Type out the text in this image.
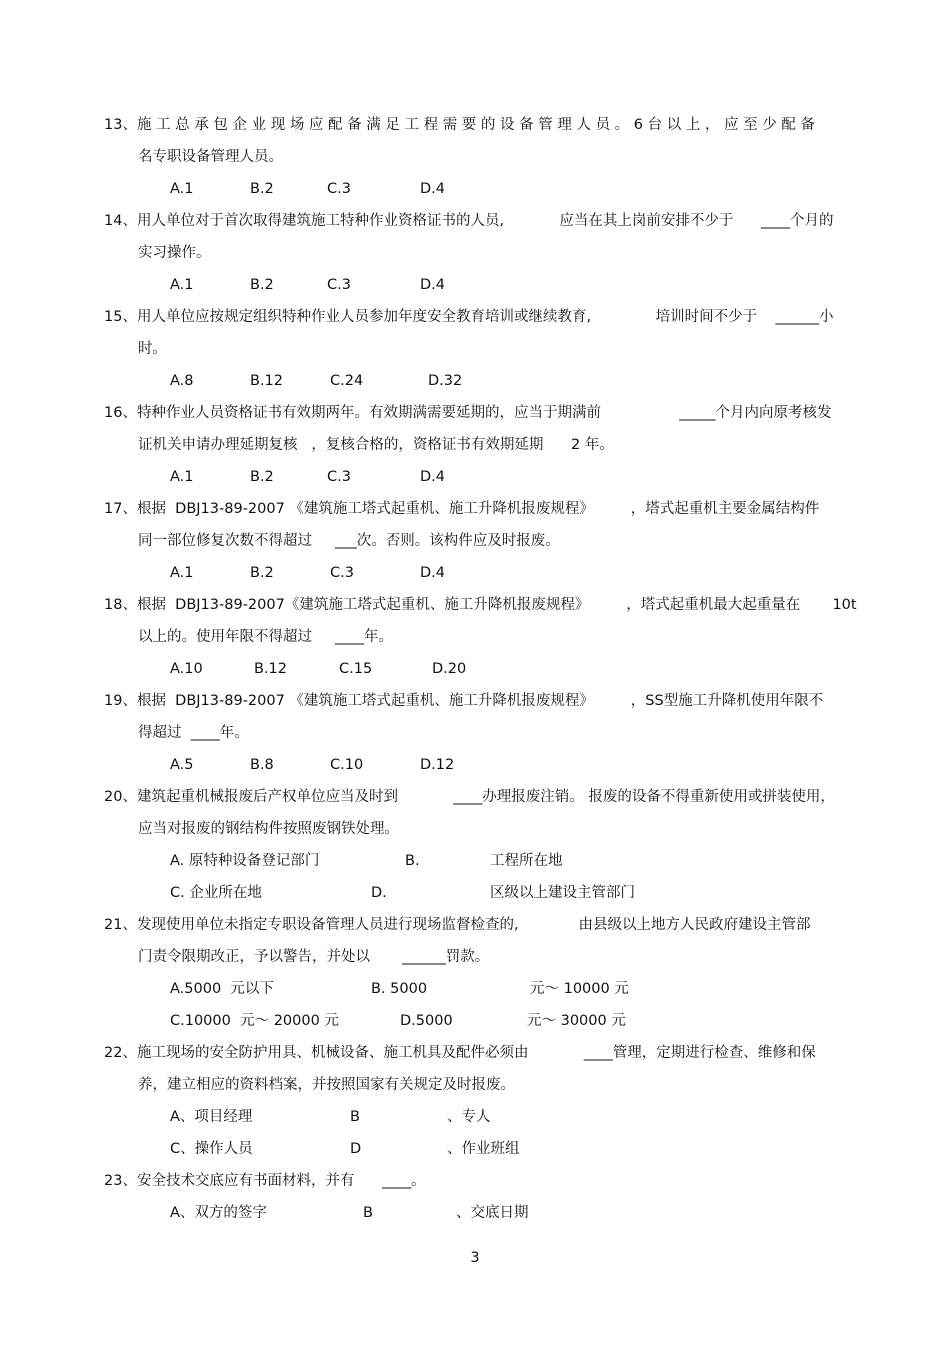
13、施 工 总 承 包 企 业 现 场 应 配 备 满 足 工 程 需 要 的 设 备 管 理 人 员 。 6 台 以 上 ， 应 至 少 配 备
名专职设备管理人员。
A.1	B.2	C.3	D.4
14、用人单位对于首次取得建筑施工特种作业资格证书的人员,            应当在其上岗前安排不少于      ____个月的
实习操作。
A.1	B.2	C.3	D.4
15、用人单位应按规定组织特种作业人员参加年度安全教育培训或继续教育,              培训时间不少于    ______小
时。
A.8	B.12	C.24	D.32
16、特种作业人员资格证书有效期两年。有效期满需要延期的，应当于期满前                 _____个月内向原考核发
证机关申请办理延期复核   ，复核合格的，资格证书有效期延期      2 年。
A.1	B.2	C.3	D.4
17、根据  DBJ13-89-2007 《建筑施工塔式起重机、施工升降机报废规程》        ，塔式起重机主要金属结构件
同一部位修复次数不得超过     ___次。否则。该构件应及时报废。
A.1	B.2	C.3	D.4
18、根据  DBJ13-89-2007《建筑施工塔式起重机、施工升降机报废规程》        ，塔式起重机最大起重量在       10t
以上的。使用年限不得超过     ____年。
A.10	B.12	C.15	D.20
19、根据  DBJ13-89-2007 《建筑施工塔式起重机、施工升降机报废规程》        ，SS型施工升降机使用年限不
得超过  ____年。
A.5	B.8	C.10	D.12
20、建筑起重机械报废后产权单位应当及时到            ____办理报废注销。 报废的设备不得重新使用或拼装使用，
应当对报废的钢结构件按照废钢铁处理。
A. 原特种设备登记部门	B.	工程所在地
C. 企业所在地	D.	区级以上建设主管部门
21、发现使用单位未指定专职设备管理人员进行现场监督检查的,             由县级以上地方人民政府建设主管部
门责令限期改正，予以警告，并处以       ______罚款。
A.5000  元以下	B. 5000	元～ 10000 元
C.10000  元～ 20000 元	D.5000	元～ 30000 元
22、施工现场的安全防护用具、机械设备、施工机具及配件必须由            ____管理，定期进行检查、维修和保
养，建立相应的资料档案，并按照国家有关规定及时报废。
A、项目经理	B	、专人
C、操作人员	D	、作业班组
23、安全技术交底应有书面材料，并有      ____。
A、双方的签字	B	、交底日期
3
